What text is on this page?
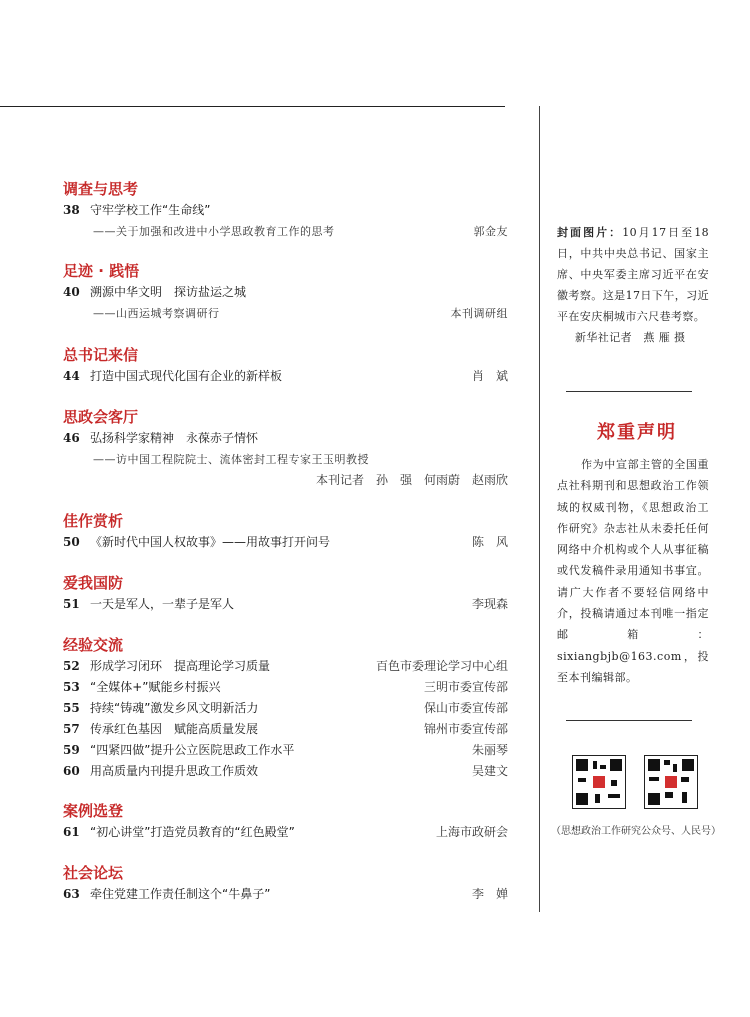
调查与思考
38 守牢学校工作“生命线”
——关于加强和改进中小学思政教育工作的思考	郭金友
足迹 · 践悟
40 溯源中华文明　探访盐运之城
——山西运城考察调研行	本刊调研组
总书记来信
44 打造中国式现代化国有企业的新样板	肖　斌
思政会客厅
46 弘扬科学家精神　永葆赤子情怀
——访中国工程院院士、流体密封工程专家王玉明教授
本刊记者　孙　强　何雨蔚　赵雨欣
佳作赏析
50 《新时代中国人权故事》——用故事打开问号	陈　风
爱我国防
51 一天是军人，一辈子是军人	李现森
经验交流
52 形成学习闭环　提高理论学习质量	百色市委理论学习中心组
53 “全媒体+”赋能乡村振兴	三明市委宣传部
55 持续“铸魂”激发乡风文明新活力	保山市委宣传部
57 传承红色基因　赋能高质量发展	锦州市委宣传部
59 “四紧四做”提升公立医院思政工作水平	朱丽琴
60 用高质量内刊提升思政工作质效	吴建文
案例选登
61 “初心讲堂”打造党员教育的“红色殿堂”	上海市政研会
社会论坛
63 牵住党建工作责任制这个“牛鼻子”	李　婵
封面图片：10月17日至18日，中共中央总书记、国家主席、中央军委主席习近平在安徽考察。这是17日下午，习近平在安庆桐城市六尺巷考察。
新华社记者　燕 雁 摄
郑重声明
作为中宣部主管的全国重点社科期刊和思想政治工作领域的权威刊物，《思想政治工作研究》杂志社从未委托任何网络中介机构或个人从事征稿或代发稿件录用通知书事宜。请广大作者不要轻信网络中介，投稿请通过本刊唯一指定邮箱：sixiangbjb@163.com，投至本刊编辑部。
（思想政治工作研究公众号、人民号）
